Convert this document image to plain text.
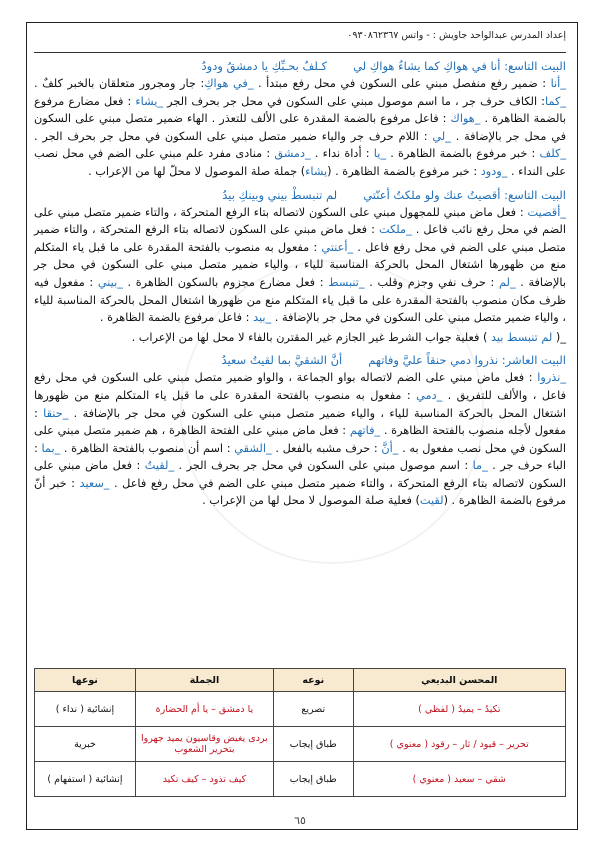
إعداد المدرس عبدالواحد جاويش : - واتس ٠٩٣٠٨٦٢٣٦٧
البيت التاسع: أنا في هواكِ كما يشاءُ هواكِ ليكـلفٌ بحـبِّكِ يا دمشقُ ودودُ
_أنا : ضمير رفع منفصل مبني على السكون في محل رفع مبتدأ . _في هواكِ: جار ومجرور متعلقان بالخبر كلفٌ . _كما: الكاف حرف جر ، ما اسم موصول مبني على السكون في محل جر بحرف الجر _يشاء : فعل مضارع مرفوع بالضمة الظاهرة . _هواك : فاعل مرفوع بالضمة المقدرة على الألف للتعذر . الهاء ضمير متصل مبني على السكون في محل جر بالإضافة . _لي : اللام حرف جر والياء ضمير متصل مبني على السكون في محل جر بحرف الجر . _كلف : خبر مرفوع بالضمة الظاهرة . _يا : أداة نداء . _دمشق : منادى مفرد علم مبني على الضم في محل نصب على النداء . _ودود : خبر مرفوع بالضمة الظاهرة . (يشاء) جملة صلة الموصول لا محلّ لها من الإعراب .
البيت التاسع: أقصيتُ عنك ولو ملكتُ أعنّتيلم تنبسطْ بيني وبينكِ بيدُ
_أقصيت : فعل ماض مبني للمجهول مبني على السكون لاتصاله بتاء الرفع المتحركة ، والتاء ضمير متصل مبني على الضم في محل رفع نائب فاعل . _ملكت : فعل ماض مبني على السكون لاتصاله بتاء الرفع المتحركة ، والتاء ضمير متصل مبني على الضم في محل رفع فاعل . _أعنتي : مفعول به منصوب بالفتحة المقدرة على ما قبل ياء المتكلم منع من ظهورها اشتغال المحل بالحركة المناسبة للياء ، والياء ضمير متصل مبني على السكون في محل جر بالإضافة . _لم : حرف نفي وجزم وقلب . _تنبسط : فعل مضارع مجزوم بالسكون الظاهرة . _بيني : مفعول فيه ظرف مكان منصوب بالفتحة المقدرة على ما قبل ياء المتكلم منع من ظهورها اشتغال المحل بالحركة المناسبة للياء ، والياء ضمير متصل مبني على السكون في محل جر بالإضافة . _بيد : فاعل مرفوع بالضمة الظاهرة .
_( لم تنبسط بيد ) فعلية جواب الشرط غير الجازم غير المقترن بالفاء لا محل لها من الإعراب .
البيت العاشر: نذروا دمي حنقاً عليَّ وفاتهمأنَّ الشقيَّ بما لقيتُ سعيدُ
_نذروا : فعل ماض مبني على الضم لاتصاله بواو الجماعة ، والواو ضمير متصل مبني على السكون في محل رفع فاعل ، والألف للتفريق . _دمي : مفعول به منصوب بالفتحة المقدرة على ما قبل ياء المتكلم منع من ظهورها اشتغال المحل بالحركة المناسبة للياء ، والياء ضمير متصل مبني على السكون في محل جر بالإضافة . _حنقا : مفعول لأجله منصوب بالفتحة الظاهرة . _فاتهم : فعل ماض مبني على الفتحة الظاهرة ، هم ضمير متصل مبني على السكون في محل نصب مفعول به . _أنَّ : حرف مشبه بالفعل . _الشقي : اسم أن منصوب بالفتحة الظاهرة . _بما : الباء حرف جر . _ما : اسم موصول مبني على السكون في محل جر بحرف الجر . _لقيتُ : فعل ماض مبني على السكون لاتصاله بتاء الرفع المتحركة ، والتاء ضمير متصل مبني على الضم في محل رفع فاعل . _سعيد : خبر أنّ مرفوع بالضمة الظاهرة . (لقيت) فعلية صلة الموصول لا محل لها من الإعراب .
المحسن البديعي	نوعه	الجملة	نوعها
تكيدُ – يميدُ ( لفظي )	تصريع	يا دمشق – يا أم الحضارة	إنشائية ( نداء )
تحرير – قيود / ثار – رقود ( معنوي )	طباق إيجاب	بردى يغيض وقاسيون يميد جهروا بتحرير الشعوب	خبرية
شقي – سعيد ( معنوي )	طباق إيجاب	كيف تذود – كيف تكيد	إنشائية ( استفهام )
٦٥
